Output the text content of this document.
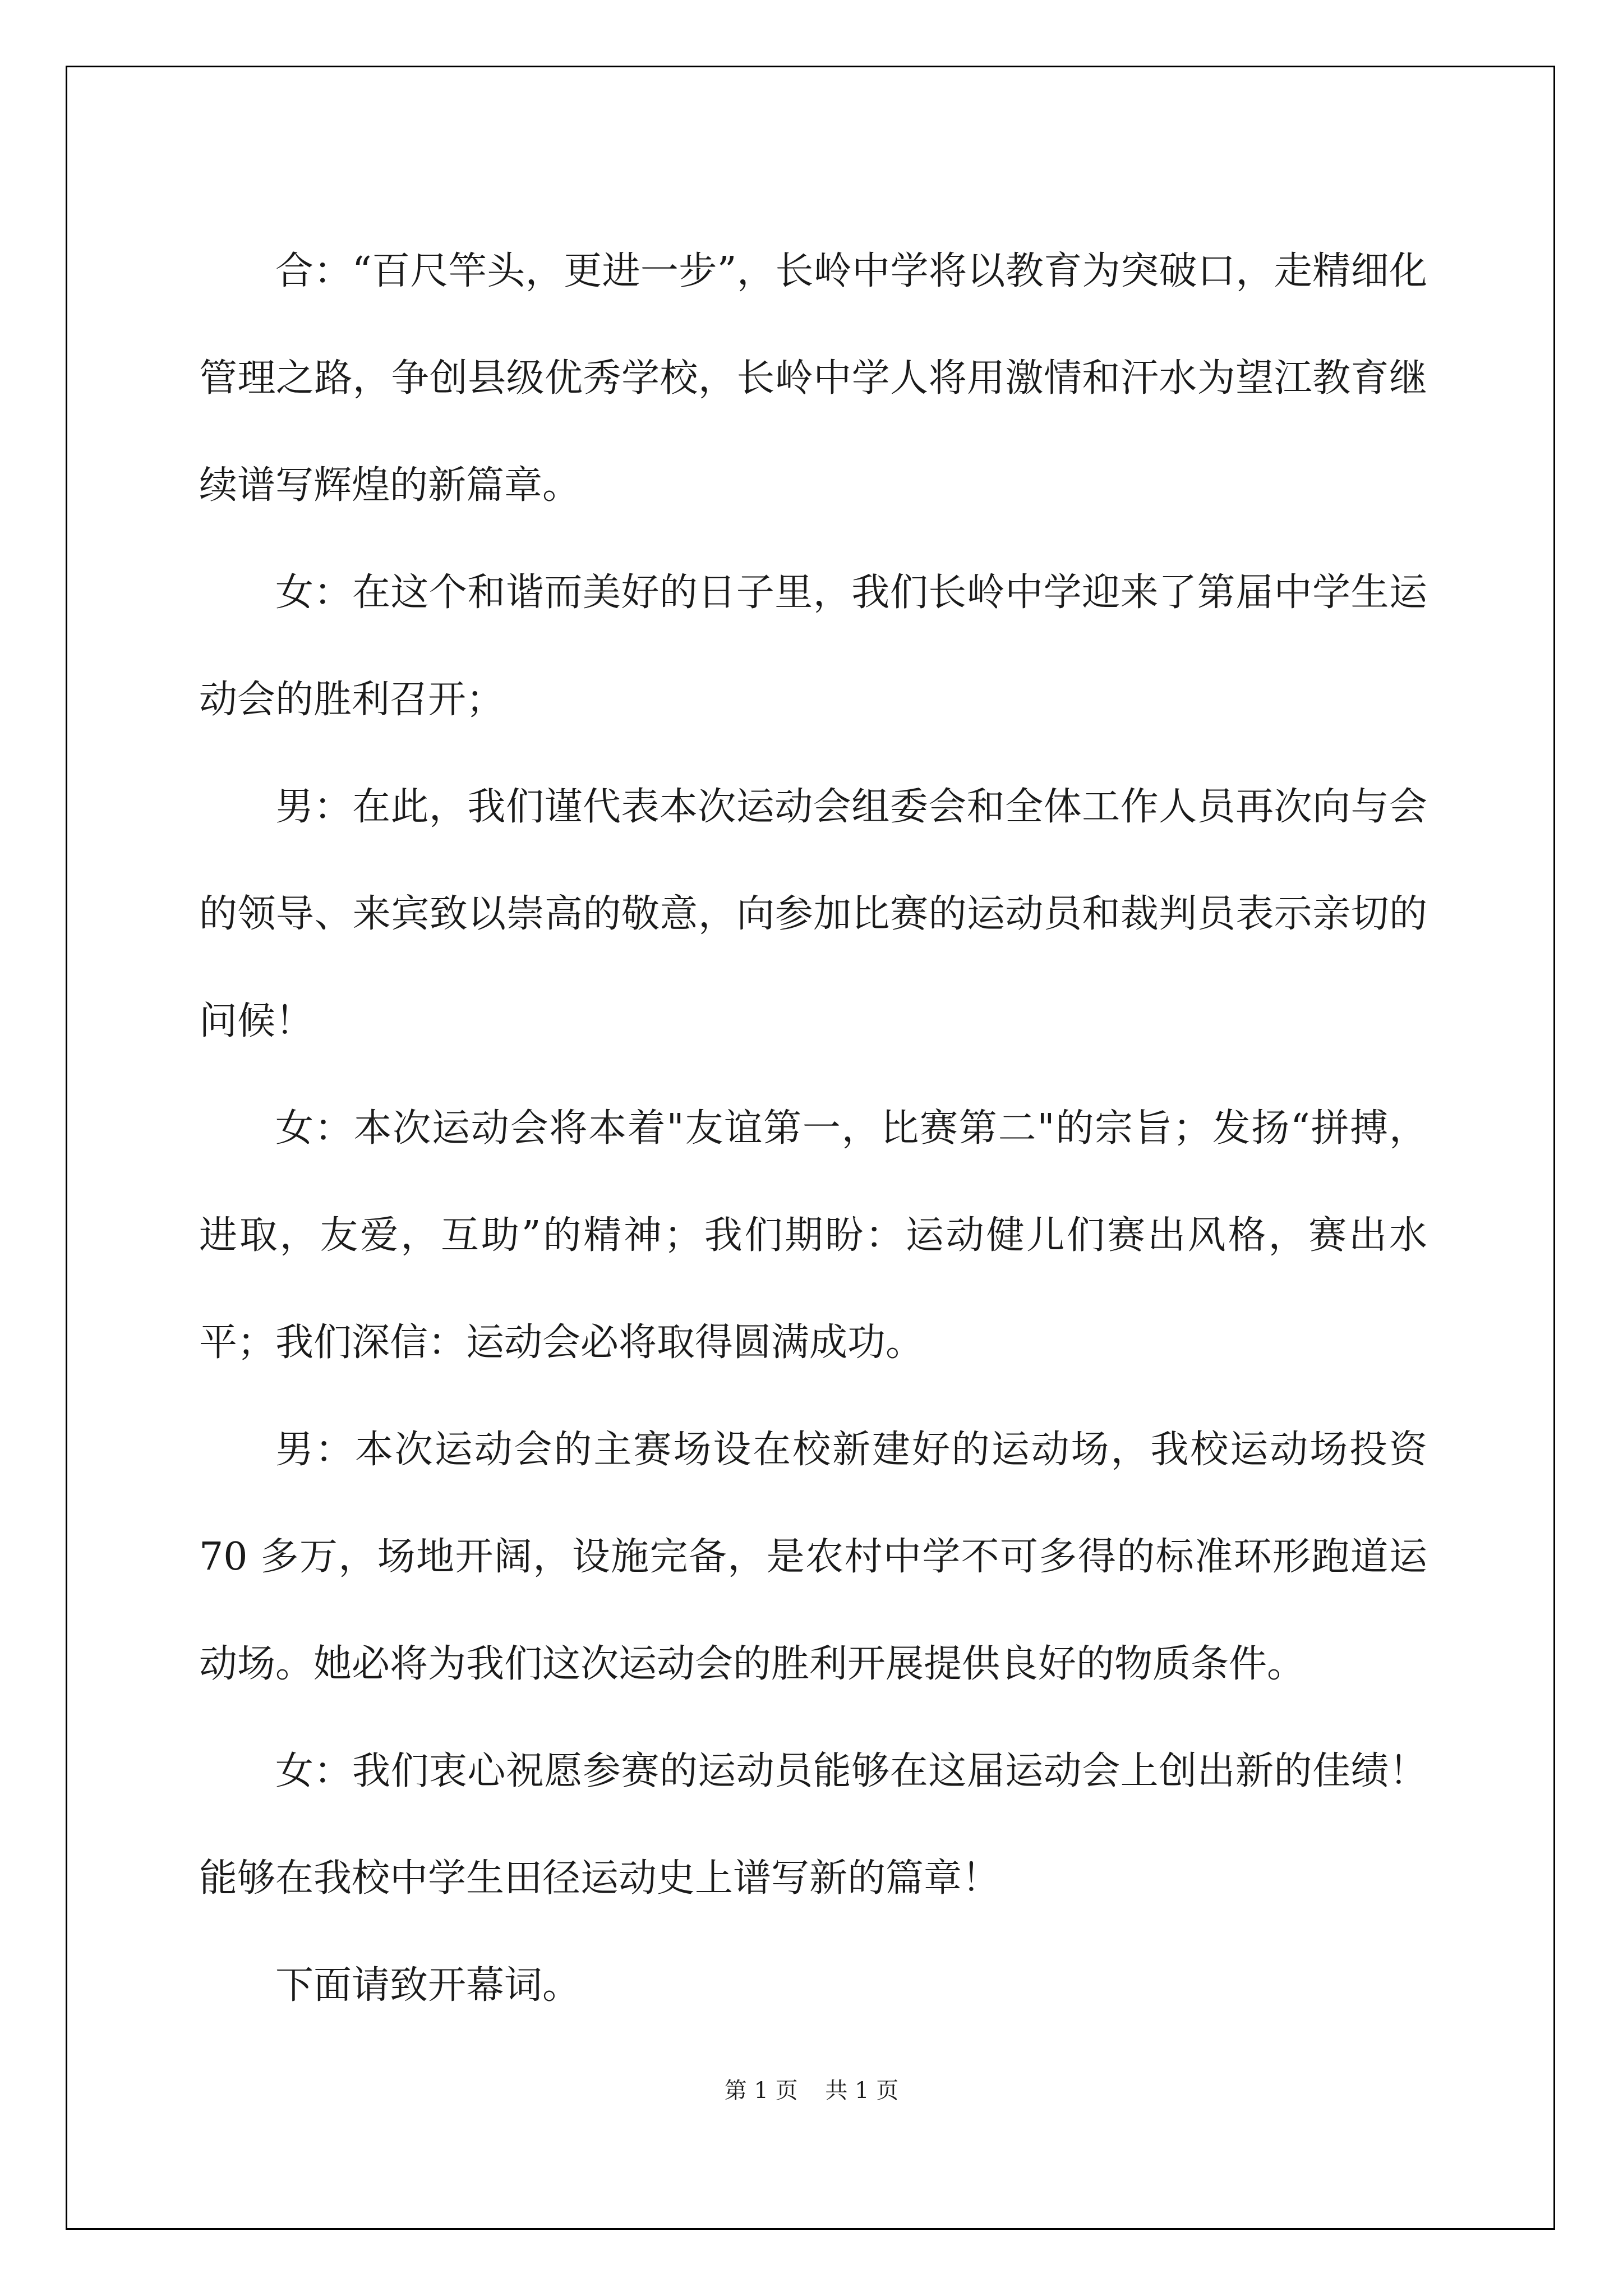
合：“百尺竿头，更进一步”，长岭中学将以教育为突破口，走精细化管理之路，争创县级优秀学校，长岭中学人将用激情和汗水为望江教育继续谱写辉煌的新篇章。

女：在这个和谐而美好的日子里，我们长岭中学迎来了第届中学生运动会的胜利召开；

男：在此，我们谨代表本次运动会组委会和全体工作人员再次向与会的领导、来宾致以崇高的敬意，向参加比赛的运动员和裁判员表示亲切的问候！

女：本次运动会将本着"友谊第一，比赛第二"的宗旨；发扬“拼搏，进取，友爱，互助”的精神；我们期盼：运动健儿们赛出风格，赛出水平；我们深信：运动会必将取得圆满成功。

男：本次运动会的主赛场设在校新建好的运动场，我校运动场投资 70 多万，场地开阔，设施完备，是农村中学不可多得的标准环形跑道运动场。她必将为我们这次运动会的胜利开展提供良好的物质条件。

女：我们衷心祝愿参赛的运动员能够在这届运动会上创出新的佳绩！能够在我校中学生田径运动史上谱写新的篇章！

下面请致开幕词。

第 1 页 共 1 页
